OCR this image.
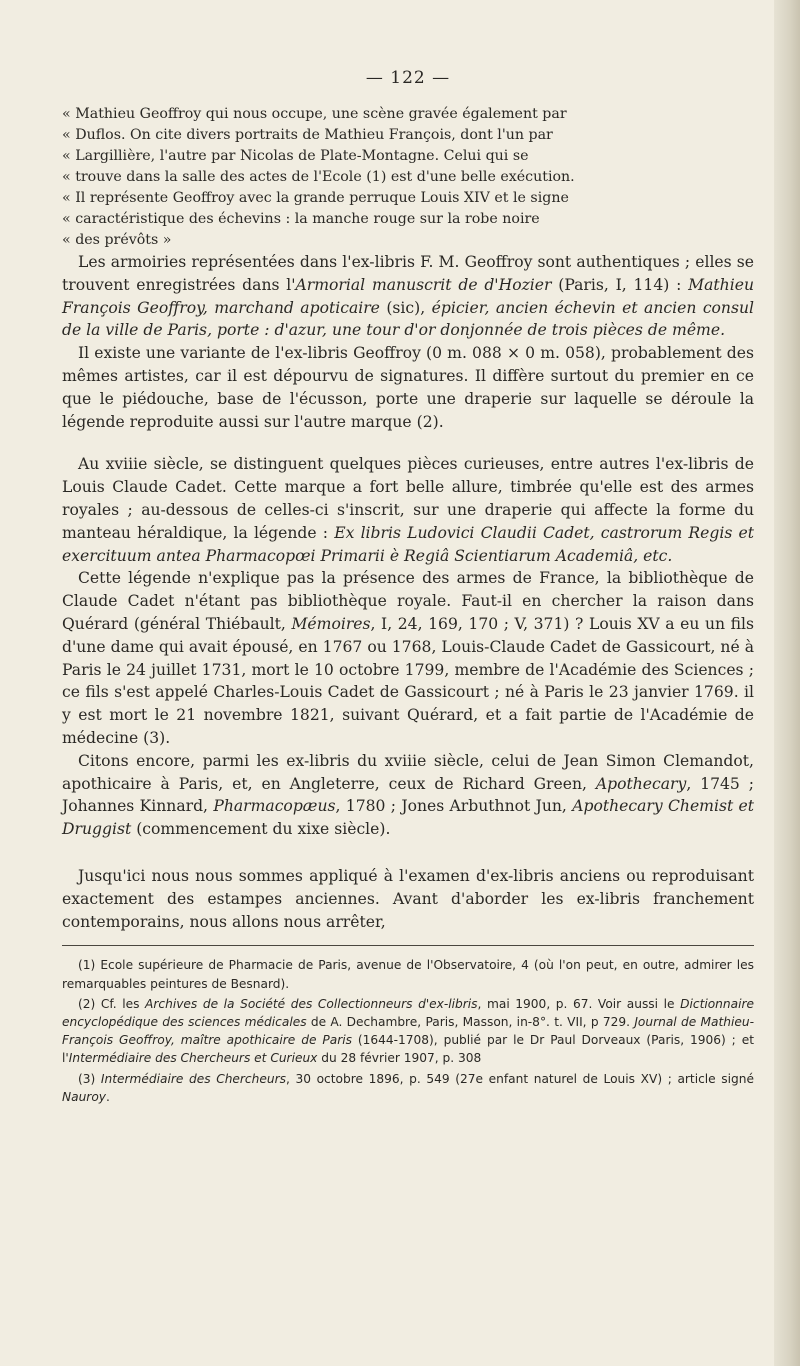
— 122 —

« Mathieu Geoffroy qui nous occupe, une scène gravée également par

« Duflos. On cite divers portraits de Mathieu François, dont l'un par

« Largillière, l'autre par Nicolas de Plate-Montagne. Celui qui se

« trouve dans la salle des actes de l'Ecole (1) est d'une belle exécution.

« Il représente Geoffroy avec la grande perruque Louis XIV et le signe

« caractéristique des échevins : la manche rouge sur la robe noire

« des prévôts »

Les armoiries représentées dans l'ex-libris F. M. Geoffroy sont authentiques ; elles se trouvent enregistrées dans l'Armorial manuscrit de d'Hozier (Paris, I, 114) : Mathieu François Geoffroy, marchand apoticaire (sic), épicier, ancien échevin et ancien consul de la ville de Paris, porte : d'azur, une tour d'or donjonnée de trois pièces de même.

Il existe une variante de l'ex-libris Geoffroy (0 m. 088 × 0 m. 058), probablement des mêmes artistes, car il est dépourvu de signatures. Il diffère surtout du premier en ce que le piédouche, base de l'écusson, porte une draperie sur laquelle se déroule la légende reproduite aussi sur l'autre marque (2).

Au xviiie siècle, se distinguent quelques pièces curieuses, entre autres l'ex-libris de Louis Claude Cadet. Cette marque a fort belle allure, timbrée qu'elle est des armes royales ; au-dessous de celles-ci s'inscrit, sur une draperie qui affecte la forme du manteau héraldique, la légende : Ex libris Ludovici Claudii Cadet, castrorum Regis et exercituum antea Pharmacopœi Primarii è Regiâ Scientiarum Academiâ, etc.

Cette légende n'explique pas la présence des armes de France, la bibliothèque de Claude Cadet n'étant pas bibliothèque royale. Faut-il en chercher la raison dans Quérard (général Thiébault, Mémoires, I, 24, 169, 170 ; V, 371) ? Louis XV a eu un fils d'une dame qui avait épousé, en 1767 ou 1768, Louis-Claude Cadet de Gassicourt, né à Paris le 24 juillet 1731, mort le 10 octobre 1799, membre de l'Académie des Sciences ; ce fils s'est appelé Charles-Louis Cadet de Gassicourt ; né à Paris le 23 janvier 1769. il y est mort le 21 novembre 1821, suivant Quérard, et a fait partie de l'Académie de médecine (3).

Citons encore, parmi les ex-libris du xviiie siècle, celui de Jean Simon Clemandot, apothicaire à Paris, et, en Angleterre, ceux de Richard Green, Apothecary, 1745 ; Johannes Kinnard, Pharmacopæus, 1780 ; Jones Arbuthnot Jun, Apothecary Chemist et Druggist (commencement du xixe siècle).

Jusqu'ici nous nous sommes appliqué à l'examen d'ex-libris anciens ou reproduisant exactement des estampes anciennes. Avant d'aborder les ex-libris franchement contemporains, nous allons nous arrêter,

(1) Ecole supérieure de Pharmacie de Paris, avenue de l'Observatoire, 4 (où l'on peut, en outre, admirer les remarquables peintures de Besnard).

(2) Cf. les Archives de la Société des Collectionneurs d'ex-libris, mai 1900, p. 67. Voir aussi le Dictionnaire encyclopédique des sciences médicales de A. Dechambre, Paris, Masson, in-8°. t. VII, p 729. Journal de Mathieu-François Geoffroy, maître apothicaire de Paris (1644-1708), publié par le Dr Paul Dorveaux (Paris, 1906) ; et l'Intermédiaire des Chercheurs et Curieux du 28 février 1907, p. 308

(3) Intermédiaire des Chercheurs, 30 octobre 1896, p. 549 (27e enfant naturel de Louis XV) ; article signé Nauroy.
